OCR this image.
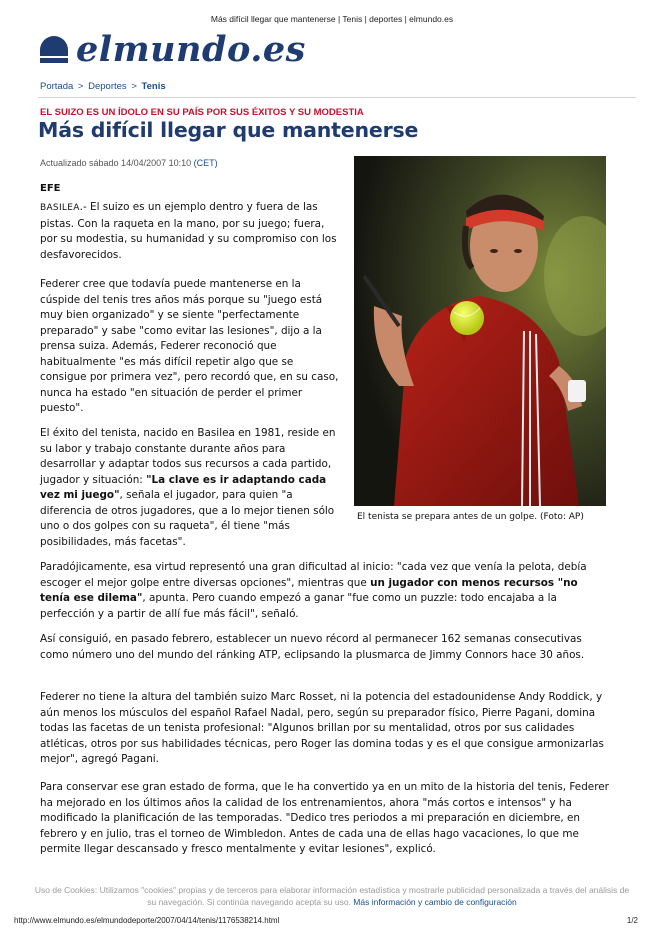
Más difícil llegar que mantenerse | Tenis | deportes | elmundo.es
elmundo.es
Portada > Deportes > Tenis
EL SUIZO ES UN ÍDOLO EN SU PAÍS POR SUS ÉXITOS Y SU MODESTIA
Más difícil llegar que mantenerse
Actualizado sábado 14/04/2007 10:10 (CET)
EFE
El tenista se prepara antes de un golpe. (Foto: AP)

BASILEA.- El suizo es un ejemplo dentro y fuera de las pistas. Con la raqueta en la mano, por su juego; fuera, por su modestia, su humanidad y su compromiso con los desfavorecidos.

Federer cree que todavía puede mantenerse en la cúspide del tenis tres años más porque su "juego está muy bien organizado" y se siente "perfectamente preparado" y sabe "como evitar las lesiones", dijo a la prensa suiza. Además, Federer reconoció que habitualmente "es más difícil repetir algo que se consigue por primera vez", pero recordó que, en su caso, nunca ha estado "en situación de perder el primer puesto".

El éxito del tenista, nacido en Basilea en 1981, reside en su labor y trabajo constante durante años para desarrollar y adaptar todos sus recursos a cada partido, jugador y situación: "La clave es ir adaptando cada vez mi juego", señala el jugador, para quien "a diferencia de otros jugadores, que a lo mejor tienen sólo uno o dos golpes con su raqueta", él tiene "más posibilidades, más facetas".

Paradójicamente, esa virtud representó una gran dificultad al inicio: "cada vez que venía la pelota, debía escoger el mejor golpe entre diversas opciones", mientras que un jugador con menos recursos "no tenía ese dilema", apunta. Pero cuando empezó a ganar "fue como un puzzle: todo encajaba a la perfección y a partir de allí fue más fácil", señaló.

Así consiguió, en pasado febrero, establecer un nuevo récord al permanecer 162 semanas consecutivas como número uno del mundo del ránking ATP, eclipsando la plusmarca de Jimmy Connors hace 30 años.

Federer no tiene la altura del también suizo Marc Rosset, ni la potencia del estadounidense Andy Roddick, y aún menos los músculos del español Rafael Nadal, pero, según su preparador físico, Pierre Pagani, domina todas las facetas de un tenista profesional: "Algunos brillan por su mentalidad, otros por sus calidades atléticas, otros por sus habilidades técnicas, pero Roger las domina todas y es el que consigue armonizarlas mejor", agregó Pagani.

Para conservar ese gran estado de forma, que le ha convertido ya en un mito de la historia del tenis, Federer ha mejorado en los últimos años la calidad de los entrenamientos, ahora "más cortos e intensos" y ha modificado la planificación de las temporadas. "Dedico tres periodos a mi preparación en diciembre, en febrero y en julio, tras el torneo de Wimbledon. Antes de cada una de ellas hago vacaciones, lo que me permite llegar descansado y fresco mentalmente y evitar lesiones", explicó.

Uso de Cookies: Utilizamos "cookies" propias y de terceros para elaborar información estadística y mostrarle publicidad personalizada a través del análisis de su navegación. Si continúa navegando acepta su uso. Más información y cambio de configuración
http://www.elmundo.es/elmundodeporte/2007/04/14/tenis/1176538214.html	1/2
